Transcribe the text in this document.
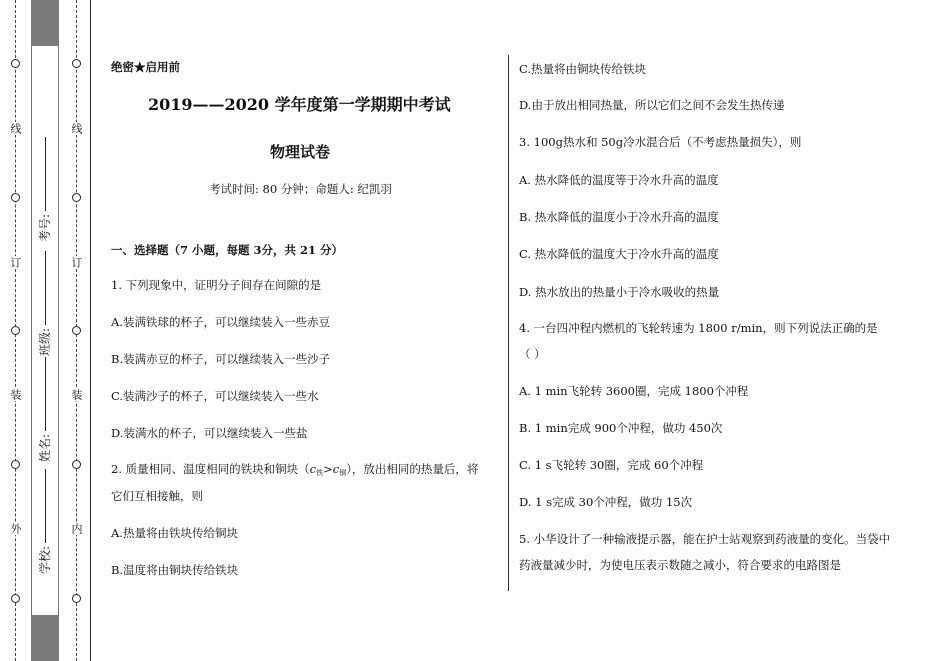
线
订
装
外
线
订
装
内
考号:
班级:
姓名:
学校:
绝密★启用前
2019——2020 学年度第一学期期中考试
物理试卷
考试时间: 80 分钟；命题人: 纪凯羽
一、选择题（7 小题，每题 3分，共 21 分）
1. 下列现象中，证明分子间存在间隙的是
A.装满铁球的杯子，可以继续装入一些赤豆
B.装满赤豆的杯子，可以继续装入一些沙子
C.装满沙子的杯子，可以继续装入一些水
D.装满水的杯子，可以继续装入一些盐
2. 质量相同、温度相同的铁块和铜块（c铁>c铜），放出相同的热量后，将
它们互相接触，则
A.热量将由铁块传给铜块
B.温度将由铜块传给铁块
C.热量将由铜块传给铁块
D.由于放出相同热量，所以它们之间不会发生热传递
3. 100g热水和 50g冷水混合后（不考虑热量损失），则
A. 热水降低的温度等于冷水升高的温度
B. 热水降低的温度小于冷水升高的温度
C. 热水降低的温度大于冷水升高的温度
D. 热水放出的热量小于冷水吸收的热量
4. 一台四冲程内燃机的飞轮转速为 1800 r/min，则下列说法正确的是
（ ）
A. 1 min飞轮转 3600圈，完成 1800个冲程
B. 1 min完成 900个冲程，做功 450次
C. 1 s飞轮转 30圈，完成 60个冲程
D. 1 s完成 30个冲程，做功 15次
5. 小华设计了一种输液提示器，能在护士站观察到药液量的变化。当袋中
药液量减少时，为使电压表示数随之减小，符合要求的电路图是
